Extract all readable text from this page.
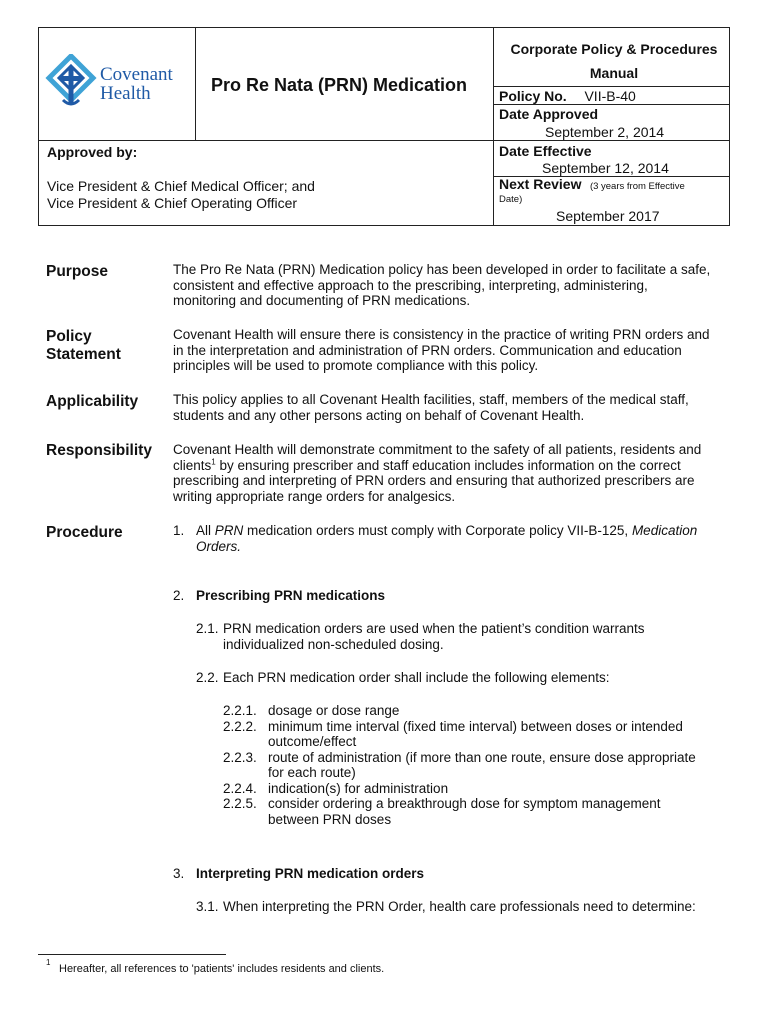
Covenant
Health	Pro Re Nata (PRN) Medication
Corporate Policy & Procedures
Manual
Policy No. VII-B-40
Date Approved
September 2, 2014
Approved by:
Vice President & Chief Medical Officer; and
Vice President & Chief Operating Officer
Date Effective
September 12, 2014
Next Review (3 years from Effective
Date)
September 2017
Purpose	The Pro Re Nata (PRN) Medication policy has been developed in order to facilitate a safe,
consistent and effective approach to the prescribing, interpreting, administering,
monitoring and documenting of PRN medications.
Policy
Statement
Covenant Health will ensure there is consistency in the practice of writing PRN orders and
in the interpretation and administration of PRN orders. Communication and education
principles will be used to promote compliance with this policy.
Applicability	This policy applies to all Covenant Health facilities, staff, members of the medical staff,
students and any other persons acting on behalf of Covenant Health.
Responsibility Covenant Health will demonstrate commitment to the safety of all patients, residents and
clients$^1$ by ensuring prescriber and staff education includes information on the correct
prescribing and interpreting of PRN orders and ensuring that authorized prescribers are
writing appropriate range orders for analgesics.
Procedure	1. All PRN medication orders must comply with Corporate policy VII-B-125, Medication
Orders.
2. Prescribing PRN medications
2.1. PRN medication orders are used when the patient’s condition warrants
individualized non-scheduled dosing.
2.2. Each PRN medication order shall include the following elements:
2.2.1. dosage or dose range
2.2.2. minimum time interval (fixed time interval) between doses or intended
outcome/effect
2.2.3. route of administration (if more than one route, ensure dose appropriate
for each route)
2.2.4. indication(s) for administration
2.2.5. consider ordering a breakthrough dose for symptom management
between PRN doses
3. Interpreting PRN medication orders
3.1. When interpreting the PRN Order, health care professionals need to determine:
1
Hereafter, all references to 'patients' includes residents and clients.
